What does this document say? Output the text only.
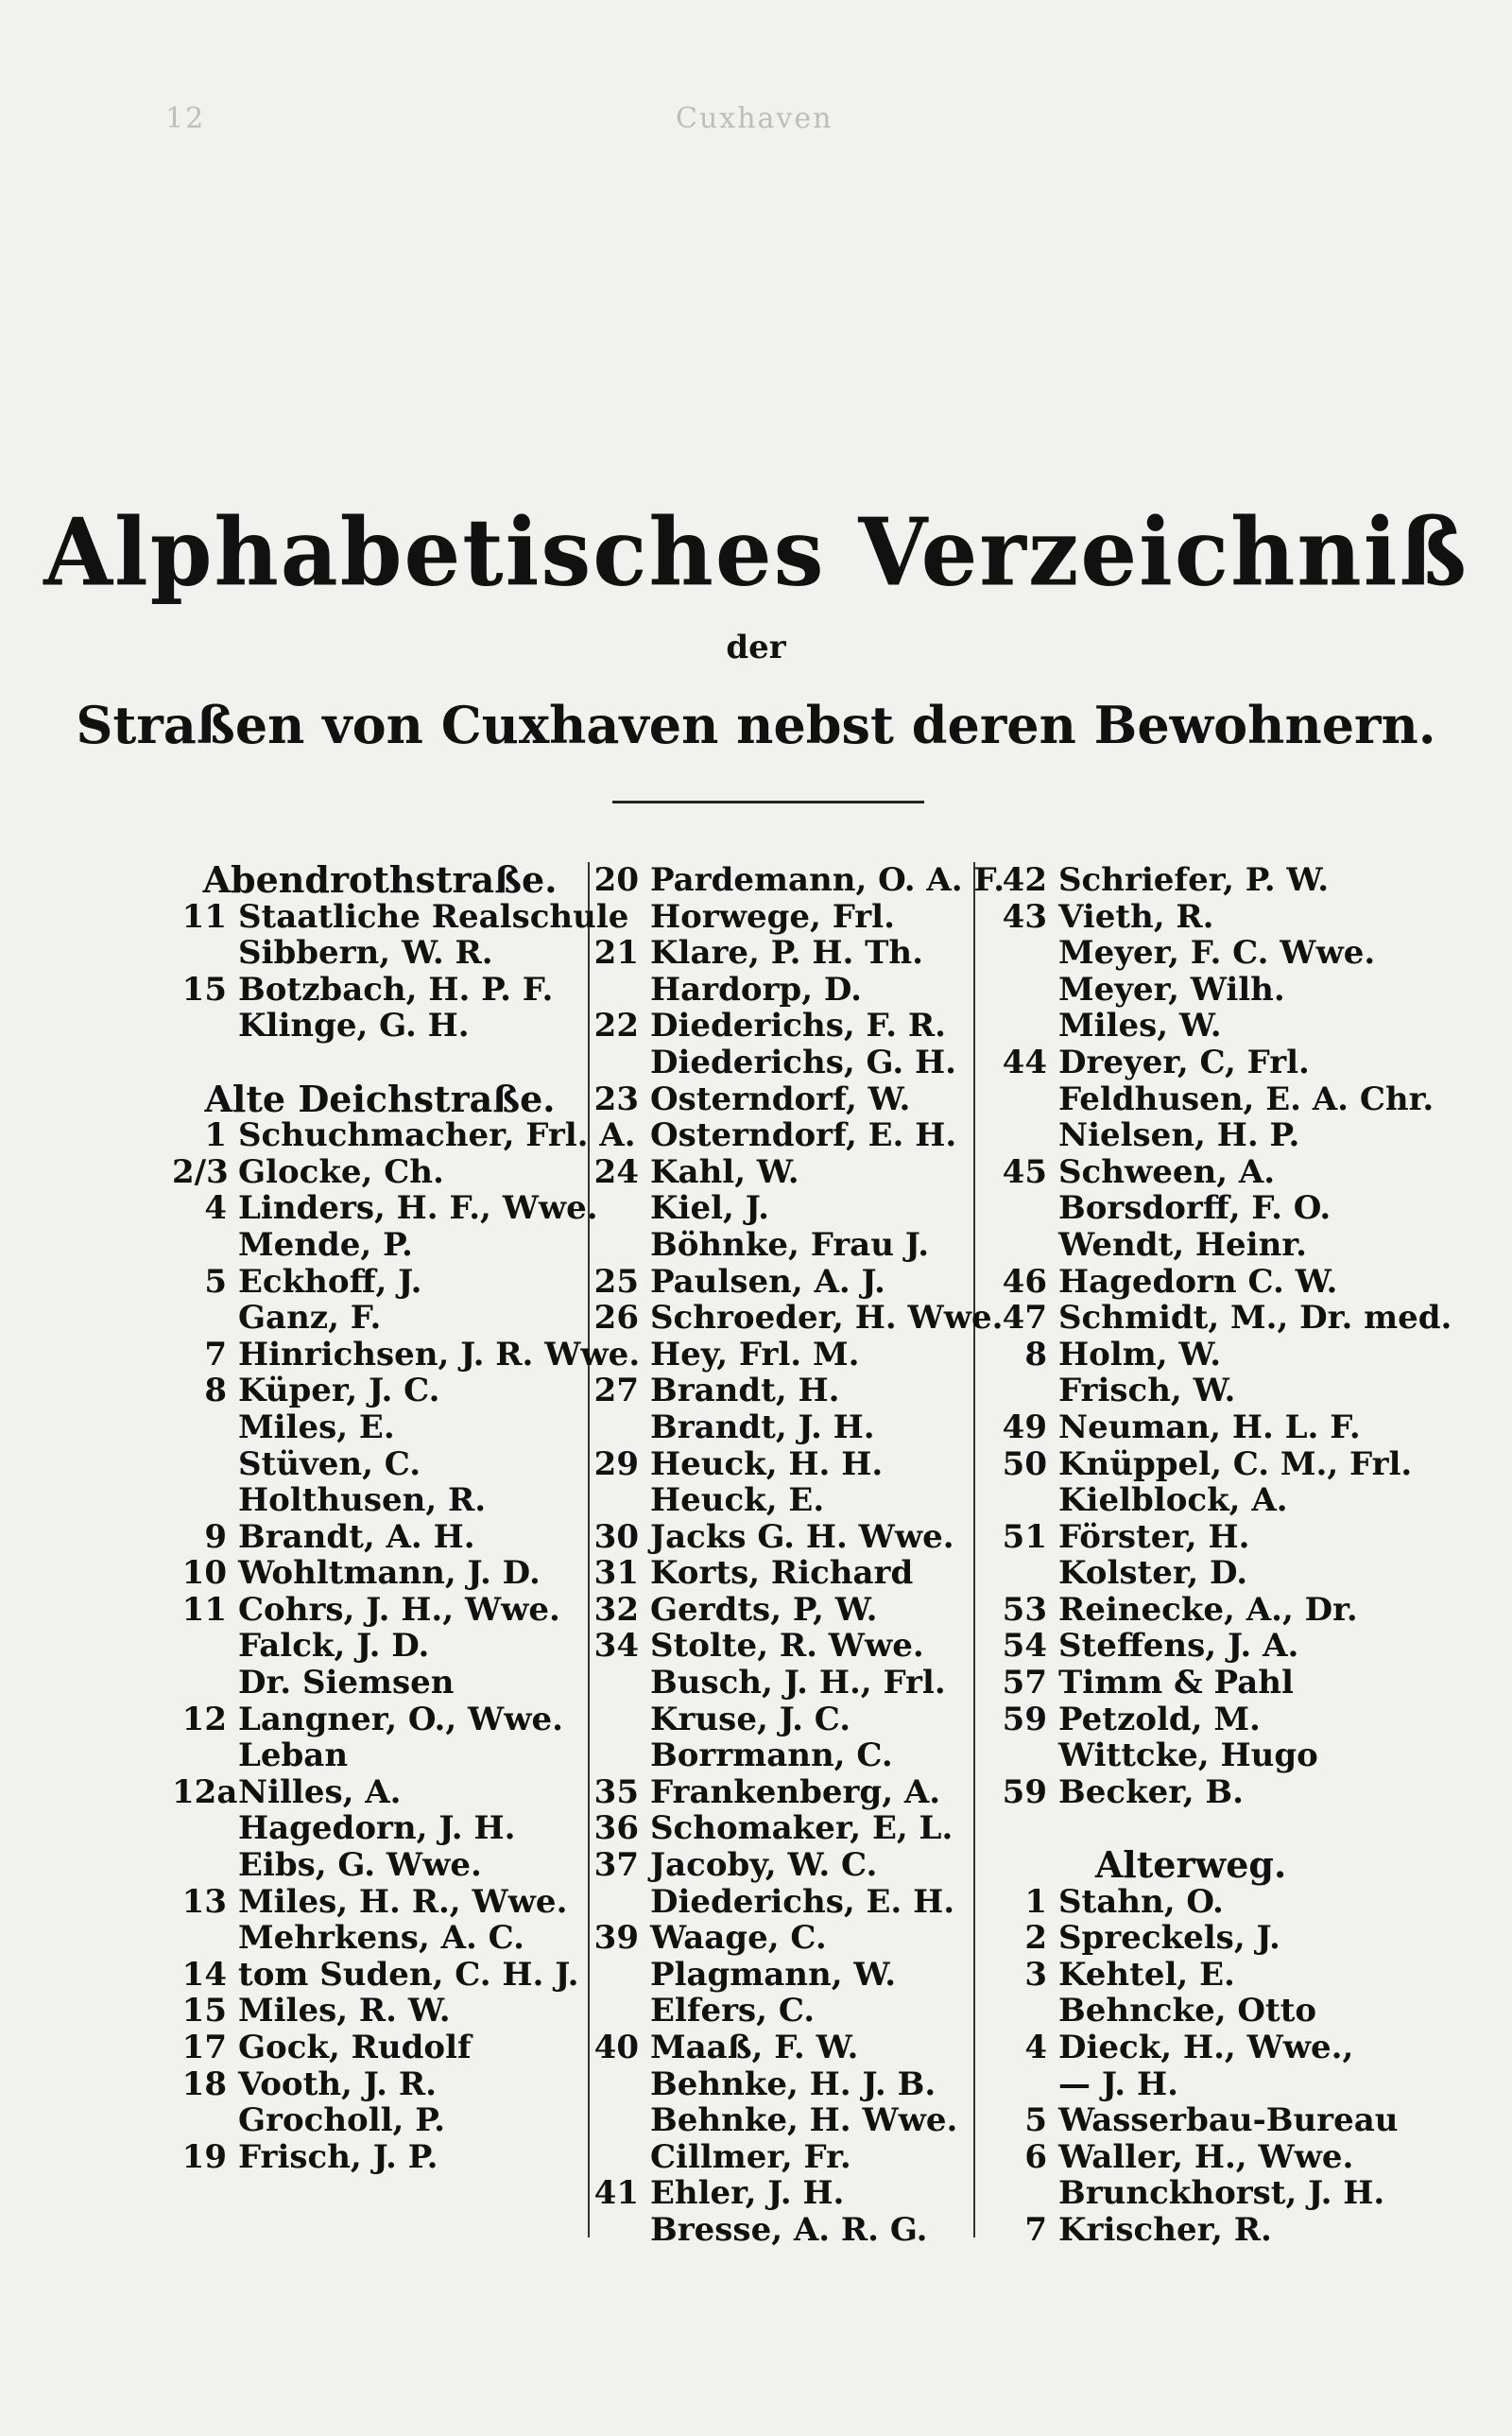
12	Cuxhaven
Alphabetisches Verzeichniß
der
Straßen von Cuxhaven nebst deren Bewohnern.
Abendrothstraße.
11 Staatliche Realschule
Sibbern, W. R.
15 Botzbach, H. P. F.
Klinge, G. H.
Alte Deichstraße.
1 Schuchmacher, Frl. A.
2/3 Glocke, Ch.
4 Linders, H. F., Wwe.
Mende, P.
5 Eckhoff, J.
Ganz, F.
7 Hinrichsen, J. R. Wwe.
8 Küper, J. C.
Miles, E.
Stüven, C.
Holthusen, R.
9 Brandt, A. H.
10 Wohltmann, J. D.
11 Cohrs, J. H., Wwe.
Falck, J. D.
Dr. Siemsen
12 Langner, O., Wwe.
Leban
12a Nilles, A.
Hagedorn, J. H.
Eibs, G. Wwe.
13 Miles, H. R., Wwe.
Mehrkens, A. C.
14 tom Suden, C. H. J.
15 Miles, R. W.
17 Gock, Rudolf
18 Vooth, J. R.
Grocholl, P.
19 Frisch, J. P.
20 Pardemann, O. A. F.
Horwege, Frl.
21 Klare, P. H. Th.
Hardorp, D.
22 Diederichs, F. R.
Diederichs, G. H.
23 Osterndorf, W.
Osterndorf, E. H.
24 Kahl, W.
Kiel, J.
Böhnke, Frau J.
25 Paulsen, A. J.
26 Schroeder, H. Wwe.
Hey, Frl. M.
27 Brandt, H.
Brandt, J. H.
29 Heuck, H. H.
Heuck, E.
30 Jacks G. H. Wwe.
31 Korts, Richard
32 Gerdts, P, W.
34 Stolte, R. Wwe.
Busch, J. H., Frl.
Kruse, J. C.
Borrmann, C.
35 Frankenberg, A.
36 Schomaker, E, L.
37 Jacoby, W. C.
Diederichs, E. H.
39 Waage, C.
Plagmann, W.
Elfers, C.
40 Maaß, F. W.
Behnke, H. J. B.
Behnke, H. Wwe.
Cillmer, Fr.
41 Ehler, J. H.
Bresse, A. R. G.
42 Schriefer, P. W.
43 Vieth, R.
Meyer, F. C. Wwe.
Meyer, Wilh.
Miles, W.
44 Dreyer, C, Frl.
Feldhusen, E. A. Chr.
Nielsen, H. P.
45 Schween, A.
Borsdorff, F. O.
Wendt, Heinr.
46 Hagedorn C. W.
47 Schmidt, M., Dr. med.
8 Holm, W.
Frisch, W.
49 Neuman, H. L. F.
50 Knüppel, C. M., Frl.
Kielblock, A.
51 Förster, H.
Kolster, D.
53 Reinecke, A., Dr.
54 Steffens, J. A.
57 Timm & Pahl
59 Petzold, M.
Wittcke, Hugo
59 Becker, B.
Alterweg.
1 Stahn, O.
2 Spreckels, J.
3 Kehtel, E.
Behncke, Otto
4 Dieck, H., Wwe.,
— J. H.
5 Wasserbau-Bureau
6 Waller, H., Wwe.
Brunckhorst, J. H.
7 Krischer, R.
